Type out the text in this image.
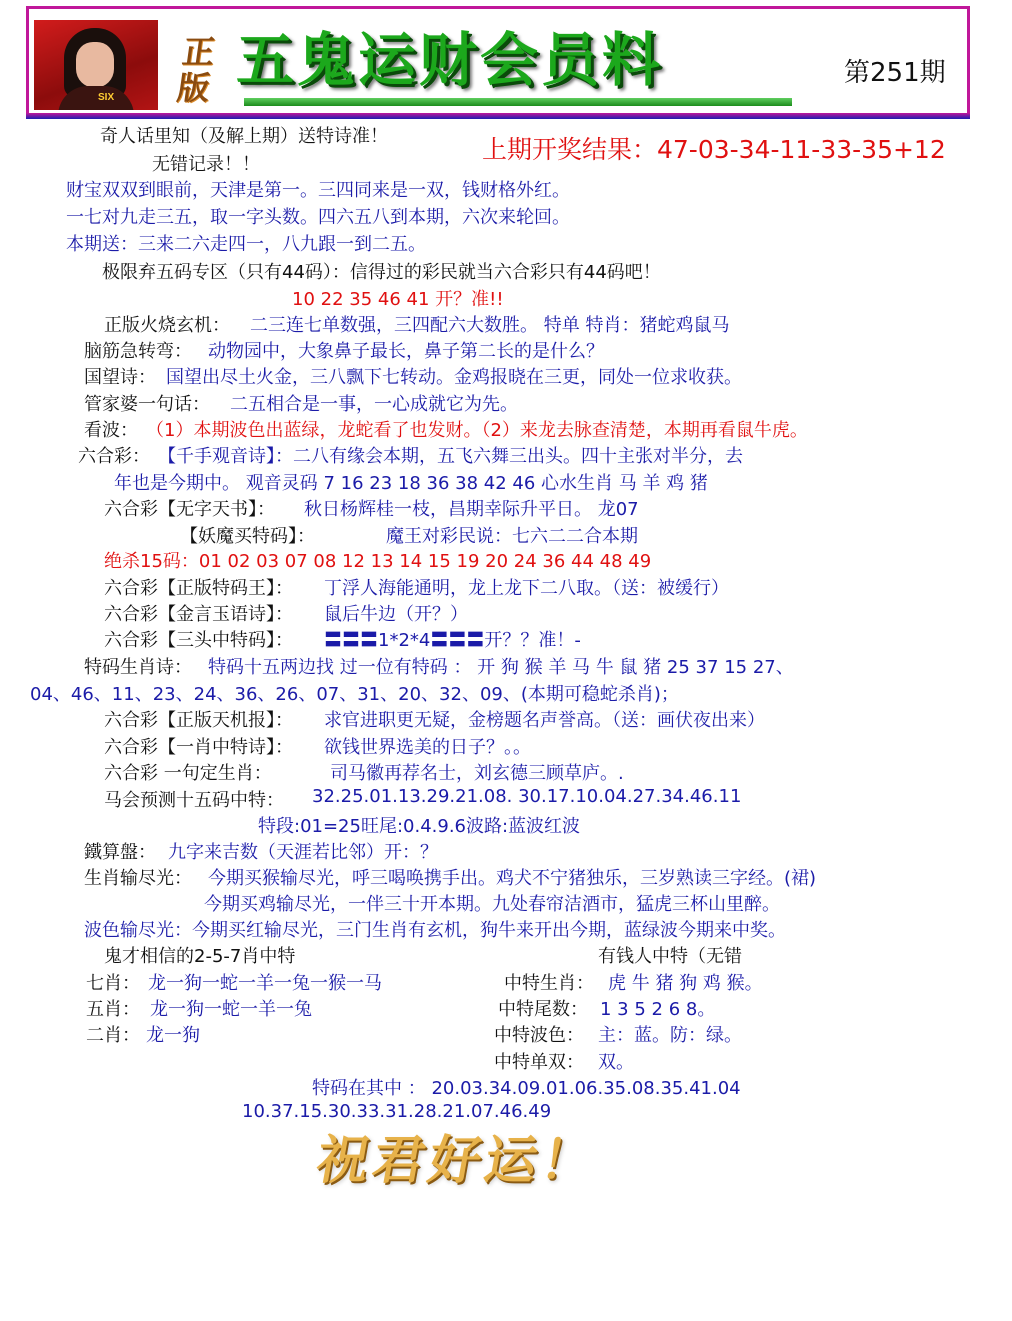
SIX
正版 五鬼运财会员料	第251期
奇人话里知（及解上期）送特诗准！	上期开奖结果：47-03-34-11-33-35+12
无错记录！！
财宝双双到眼前，天津是第一。三四同来是一双，钱财格外红。
一七对九走三五，取一字头数。四六五八到本期，六次来轮回。
本期送：三来二六走四一，八九跟一到二五。
极限弃五码专区（只有44码）：信得过的彩民就当六合彩只有44码吧！
10 22 35 46 41 开？准!!
正版火烧玄机： 二三连七单数强，三四配六大数胜。 特单 特肖：猪蛇鸡鼠马
脑筋急转弯： 动物园中，大象鼻子最长，鼻子第二长的是什么？
国望诗： 国望出尽土火金，三八飘下七转动。金鸡报晓在三更，同处一位求收获。
管家婆一句话： 二五相合是一事，一心成就它为先。
看波： （1）本期波色出蓝绿，龙蛇看了也发财。（2）来龙去脉查清楚，本期再看鼠牛虎。
六合彩： 【千手观音诗】：二八有缘会本期，五飞六舞三出头。四十主张对半分，去
年也是今期中。 观音灵码 7 16 23 18 36 38 42 46 心水生肖 马 羊 鸡 猪
六合彩【无字天书】： 秋日杨辉桂一枝，昌期幸际升平日。 龙07
【妖魔买特码】：	魔王对彩民说：七六二二合本期
绝杀15码：01 02 03 07 08 12 13 14 15 19 20 24 36 44 48 49
六合彩【正版特码王】： 丁浮人海能通明，龙上龙下二八取。（送：被缓行）
六合彩【金言玉语诗】： 鼠后牛边（开？）
六合彩【三头中特码】： 〓〓〓1*2*4〓〓〓开？？准！-
特码生肖诗： 特码十五两边找 过一位有特码 ： 开 狗 猴 羊 马 牛 鼠 猪 25 37 15 27、
04、46、11、23、24、36、26、07、31、20、32、09、(本期可稳蛇杀肖)；
六合彩【正版天机报】： 求官进职更无疑，金榜题名声誉高。（送：画伏夜出来）
六合彩【一肖中特诗】： 欲钱世界选美的日子？。。
六合彩 一句定生肖：	司马徽再荐名士，刘玄德三顾草庐。.
马会预测十五码中特： 32.25.01.13.29.21.08. 30.17.10.04.27.34.46.11
特段:01=25旺尾:0.4.9.6波路:蓝波红波
鐵算盤： 九字来吉数（天涯若比邻）开：？
生肖输尽光： 今期买猴输尽光，呼三喝唤携手出。鸡犬不宁猪独乐，三岁熟读三字经。(裙)
今期买鸡输尽光，一伴三十开本期。九处春帘洁酒市，猛虎三杯山里醉。
波色输尽光：今期买红输尽光，三门生肖有玄机，狗牛来开出今期，蓝绿波今期来中奖。
鬼才相信的2-5-7肖中特	有钱人中特（无错
七肖： 龙一狗一蛇一羊一兔一猴一马	中特生肖： 虎 牛 猪 狗 鸡 猴。
五肖： 龙一狗一蛇一羊一兔	中特尾数： 1 3 5 2 6 8。
二肖： 龙一狗	中特波色： 主：蓝。防：绿。
中特单双： 双。
特码在其中 ： 20.03.34.09.01.06.35.08.35.41.04
10.37.15.30.33.31.28.21.07.46.49
祝君好运！
